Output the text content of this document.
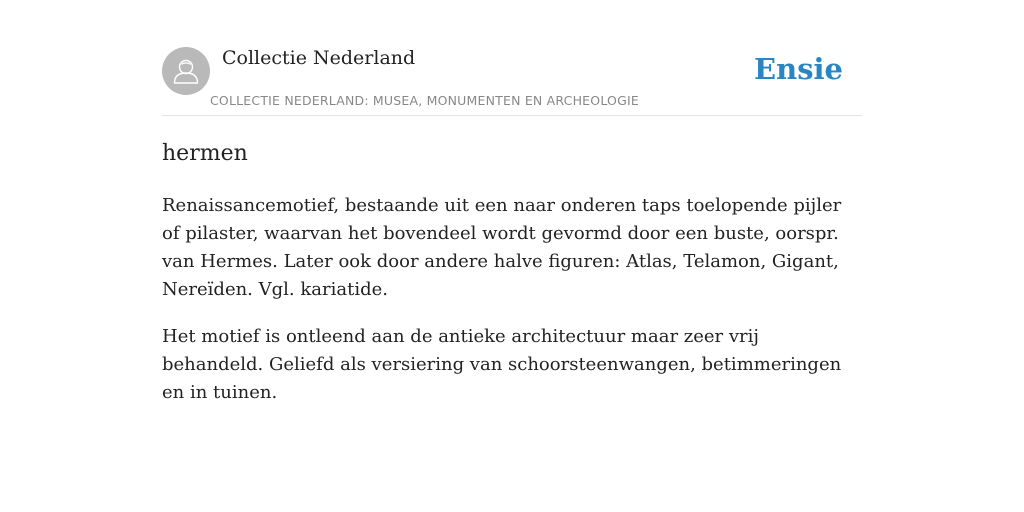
Collectie Nederland
COLLECTIE NEDERLAND: MUSEA, MONUMENTEN EN ARCHEOLOGIE
Ensie
hermen

Renaissancemotief, bestaande uit een naar onderen taps toelopende pijler of pilaster, waarvan het bovendeel wordt gevormd door een buste, oorspr. van Hermes. Later ook door andere halve figuren: Atlas, Telamon, Gigant, Nereïden. Vgl. kariatide.

Het motief is ontleend aan de antieke architectuur maar zeer vrij behandeld. Geliefd als versiering van schoorsteenwangen, betimmeringen en in tuinen.
